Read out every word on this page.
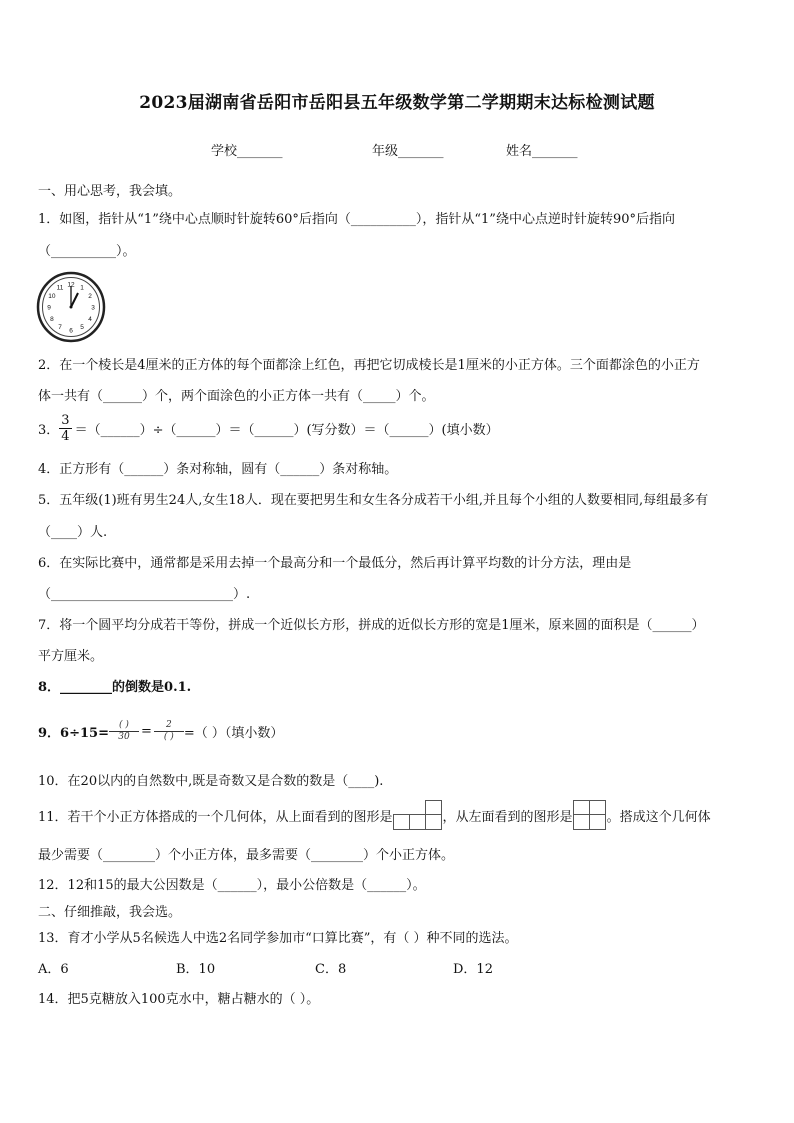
2023届湖南省岳阳市岳阳县五年级数学第二学期期末达标检测试题
学校_______	年级_______	姓名_______
一、用心思考，我会填。
1．如图，指针从“1”绕中心点顺时针旋转60°后指向（__________），指针从“1”绕中心点逆时针旋转90°后指向
（__________）。
12 1
2
3
4
5
6
7
8
9
10
11
2．在一个棱长是4厘米的正方体的每个面都涂上红色，再把它切成棱长是1厘米的小正方体。三个面都涂色的小正方
体一共有（______）个，两个面涂色的小正方体一共有（_____）个。
3． $\frac{3}{4}$ ＝（______）÷（______）＝（______）(写分数）＝（______）(填小数）
4．正方形有（______）条对称轴，圆有（______）条对称轴。
5．五年级(1)班有男生24人,女生18人．现在要把男生和女生各分成若干小组,并且每个小组的人数要相同,每组最多有
（____）人.
6．在实际比赛中，通常都是采用去掉一个最高分和一个最低分，然后再计算平均数的计分方法，理由是
（____________________________）.
7．将一个圆平均分成若干等份，拼成一个近似长方形，拼成的近似长方形的宽是1厘米，原来圆的面积是（______）
平方厘米。
8．________的倒数是0.1.
9．$6\div 15= \frac{( )}{30} = \frac{2}{( )}$ =（ ）（填小数）
10．在20以内的自然数中,既是奇数又是合数的数是（____).
11．若干个小正方体搭成的一个几何体，从上面看到的图形是	，从左面看到的图形是	。搭成这个几何体
最少需要（________）个小正方体，最多需要（________）个小正方体。
12．12和15的最大公因数是（______），最小公倍数是（______）。
二、仔细推敲，我会选。
13．育才小学从5名候选人中选2名同学参加市“口算比赛”，有（ ）种不同的选法。
A．6	B．10	C．8	D．12
14．把5克糖放入100克水中，糖占糖水的（ ）。
